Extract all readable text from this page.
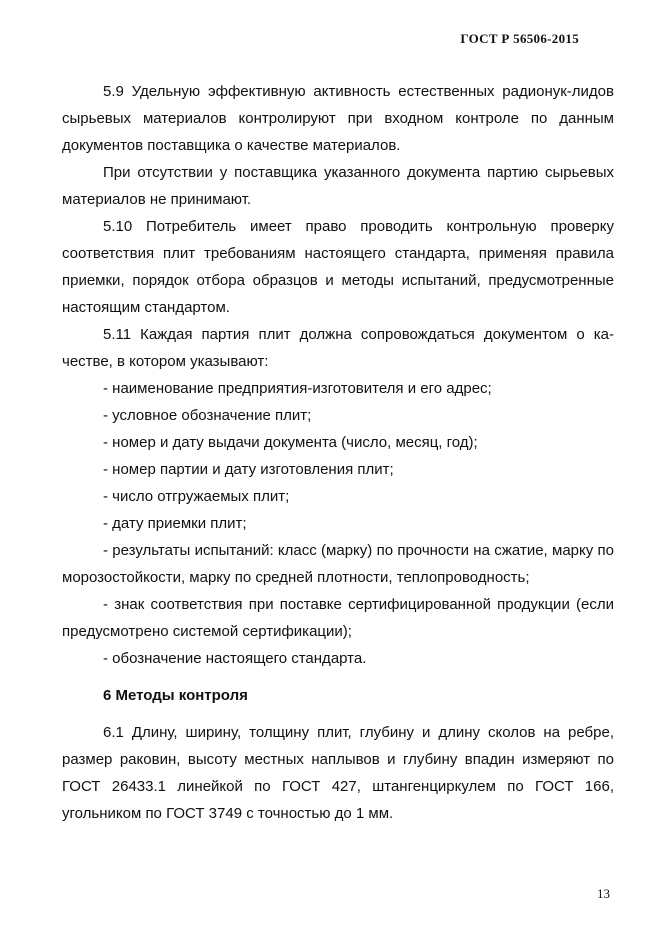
ГОСТ Р 56506-2015

5.9 Удельную эффективную активность естественных радионук-лидов сырьевых материалов контролируют при входном контроле по данным документов поставщика о качестве материалов.

При отсутствии у поставщика указанного документа партию сырьевых материалов не принимают.

5.10 Потребитель имеет право проводить контрольную проверку соответствия плит требованиям настоящего стандарта, применяя правила приемки, порядок отбора образцов и методы испытаний, предусмотренные настоящим стандартом.

5.11 Каждая партия плит должна сопровождаться документом о ка-честве, в котором указывают:

- наименование предприятия-изготовителя и его адрес;

- условное обозначение плит;

- номер и дату выдачи документа (число, месяц, год);

- номер партии и дату изготовления плит;

- число отгружаемых плит;

- дату приемки плит;

- результаты испытаний: класс (марку) по прочности на сжатие, марку по морозостойкости, марку по средней плотности, теплопроводность;

- знак соответствия при поставке сертифицированной продукции (если предусмотрено системой сертификации);

- обозначение настоящего стандарта.

6 Методы контроля

6.1 Длину, ширину, толщину плит, глубину и длину сколов на ребре, размер раковин, высоту местных наплывов и глубину впадин измеряют по ГОСТ 26433.1 линейкой по ГОСТ 427, штангенциркулем по ГОСТ 166, угольником по ГОСТ 3749 с точностью до 1 мм.

13
